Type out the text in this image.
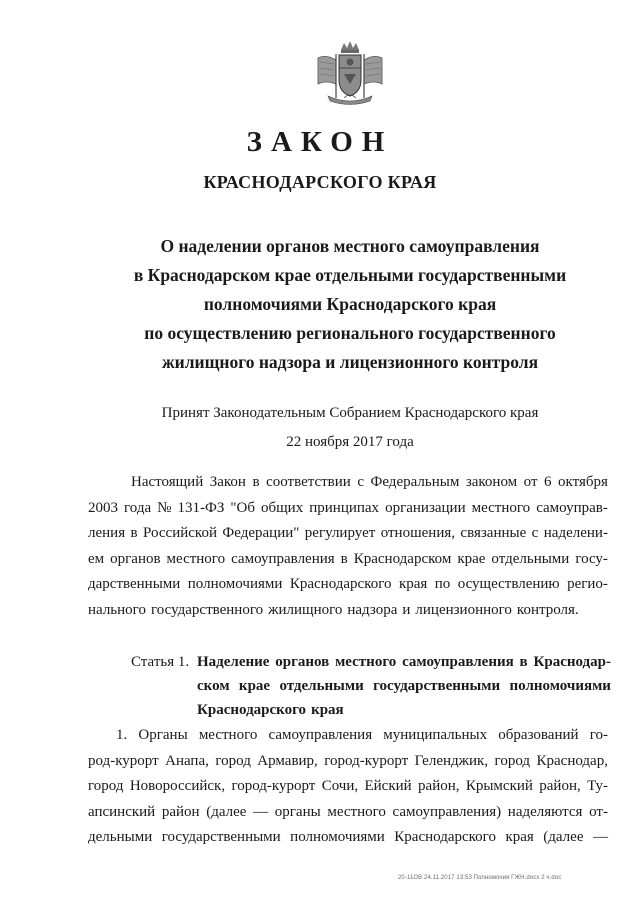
ЗАКОН
КРАСНОДАРСКОГО КРАЯ
О наделении органов местного самоуправления
в Краснодарском крае отдельными государственными
полномочиями Краснодарского края
по осуществлению регионального государственного
жилищного надзора и лицензионного контроля
Принят Законодательным Собранием Краснодарского края
22 ноября 2017 года
Настоящий Закон в соответствии с Федеральным законом от 6 октября
2003 года № 131-ФЗ "Об общих принципах организации местного самоуправ-
ления в Российской Федерации" регулирует отношения, связанные с наделени-
ем органов местного самоуправления в Краснодарском крае отдельными госу-
дарственными полномочиями Краснодарского края по осуществлению регио-
нального государственного жилищного надзора и лицензионного контроля.
Статья 1. Наделение органов местного самоуправления в Краснодар-
ском крае отдельными государственными полномочиями
Краснодарского края
1. Органы местного самоуправления муниципальных образований го-
род-курорт Анапа, город Армавир, город-курорт Геленджик, город Краснодар,
город Новороссийск, город-курорт Сочи, Ейский район, Крымский район, Ту-
апсинский район (далее — органы местного самоуправления) наделяются от-
дельными государственными полномочиями Краснодарского края (далее —
20-11ОВ 24.11.2017 13:53 Полномочия ГЖН.docx 2 ч.doc
